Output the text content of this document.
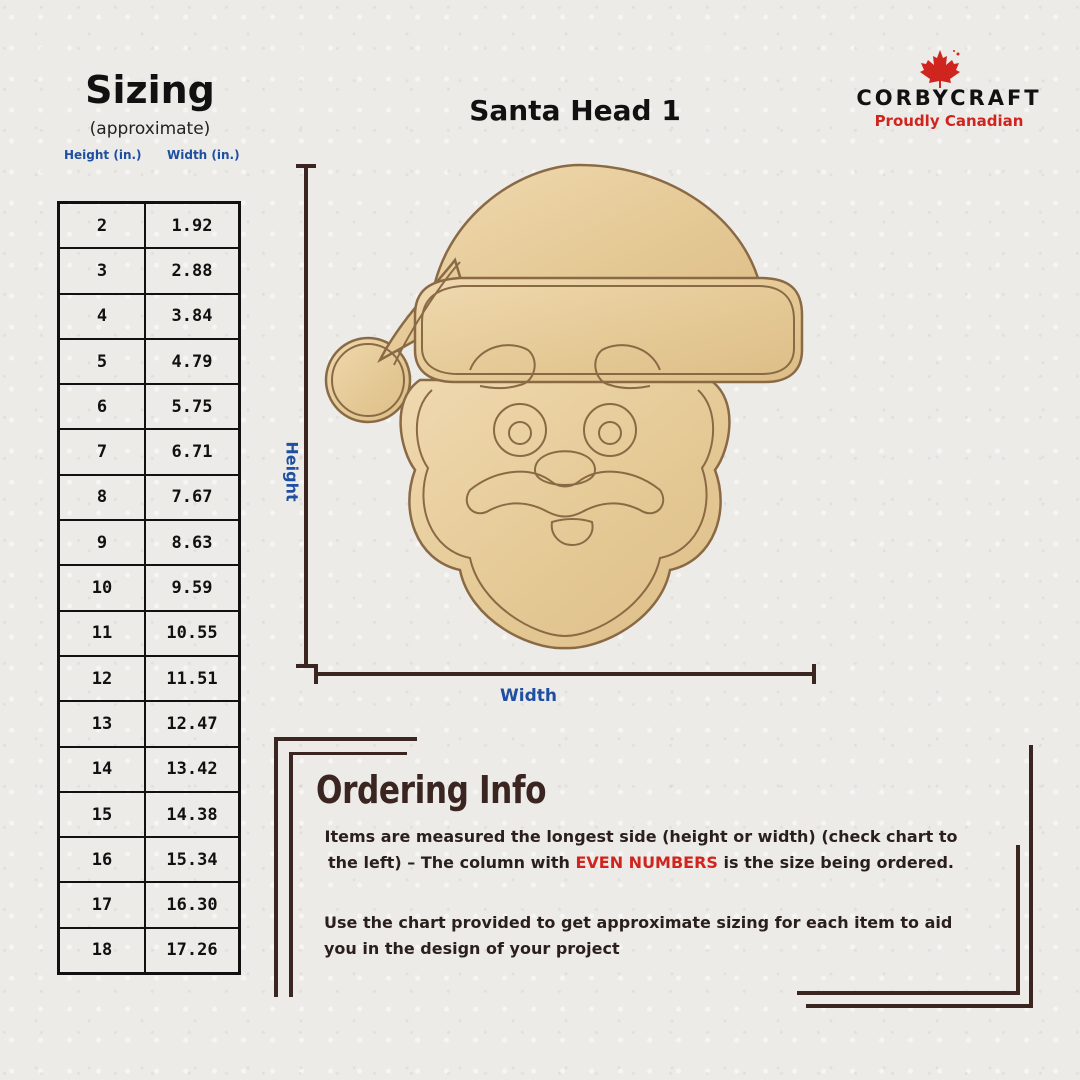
Sizing
(approximate)
Height (in.) Width (in.)
2	1.92
3	2.88
4	3.84
5	4.79
6	5.75
7	6.71
8	7.67
9	8.63
10	9.59
11	10.55
12	11.51
13	12.47
14	13.42
15	14.38
16	15.34
17	16.30
18	17.26
Santa Head 1	CORBYCRAFT
Proudly Canadian
Height
Width
Ordering Info
Items are measured the longest side (height or width) (check chart to the left) – The column with EVEN NUMBERS is the size being ordered.
Use the chart provided to get approximate sizing for each item to aid you in the design of your project
